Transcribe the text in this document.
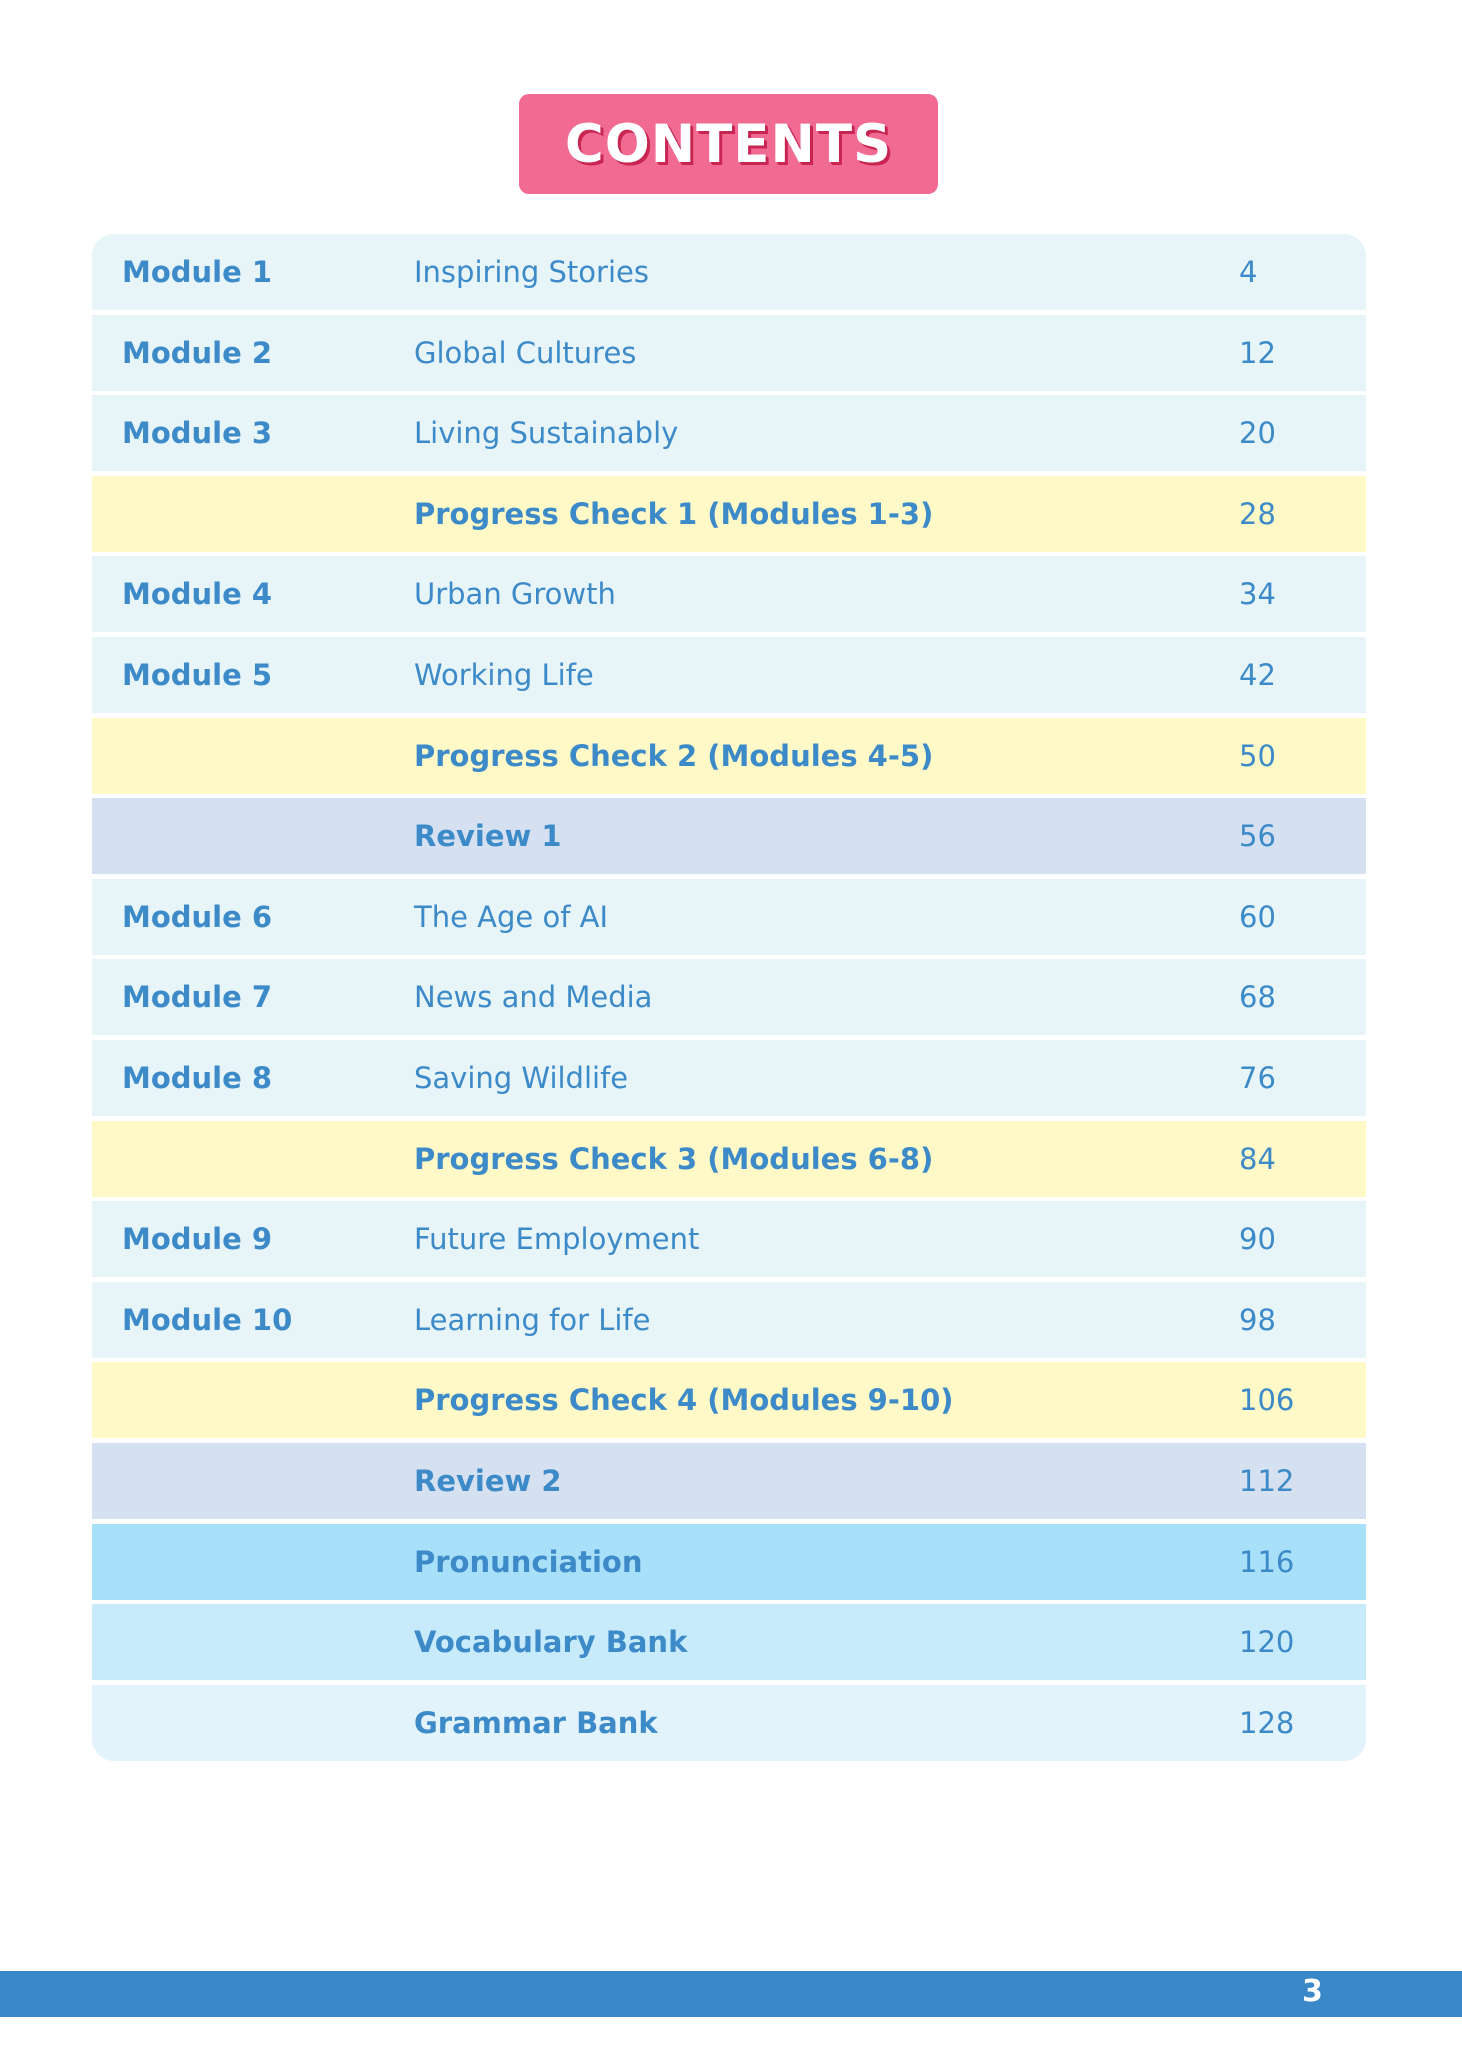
CONTENTS
Module 1	Inspiring Stories	4
Module 2	Global Cultures	12
Module 3	Living Sustainably	20
Progress Check 1 (Modules 1-3)	28
Module 4	Urban Growth	34
Module 5	Working Life	42
Progress Check 2 (Modules 4-5)	50
Review 1	56
Module 6	The Age of AI	60
Module 7	News and Media	68
Module 8	Saving Wildlife	76
Progress Check 3 (Modules 6-8)	84
Module 9	Future Employment	90
Module 10	Learning for Life	98
Progress Check 4 (Modules 9-10)	106
Review 2	112
Pronunciation	116
Vocabulary Bank	120
Grammar Bank	128
3
